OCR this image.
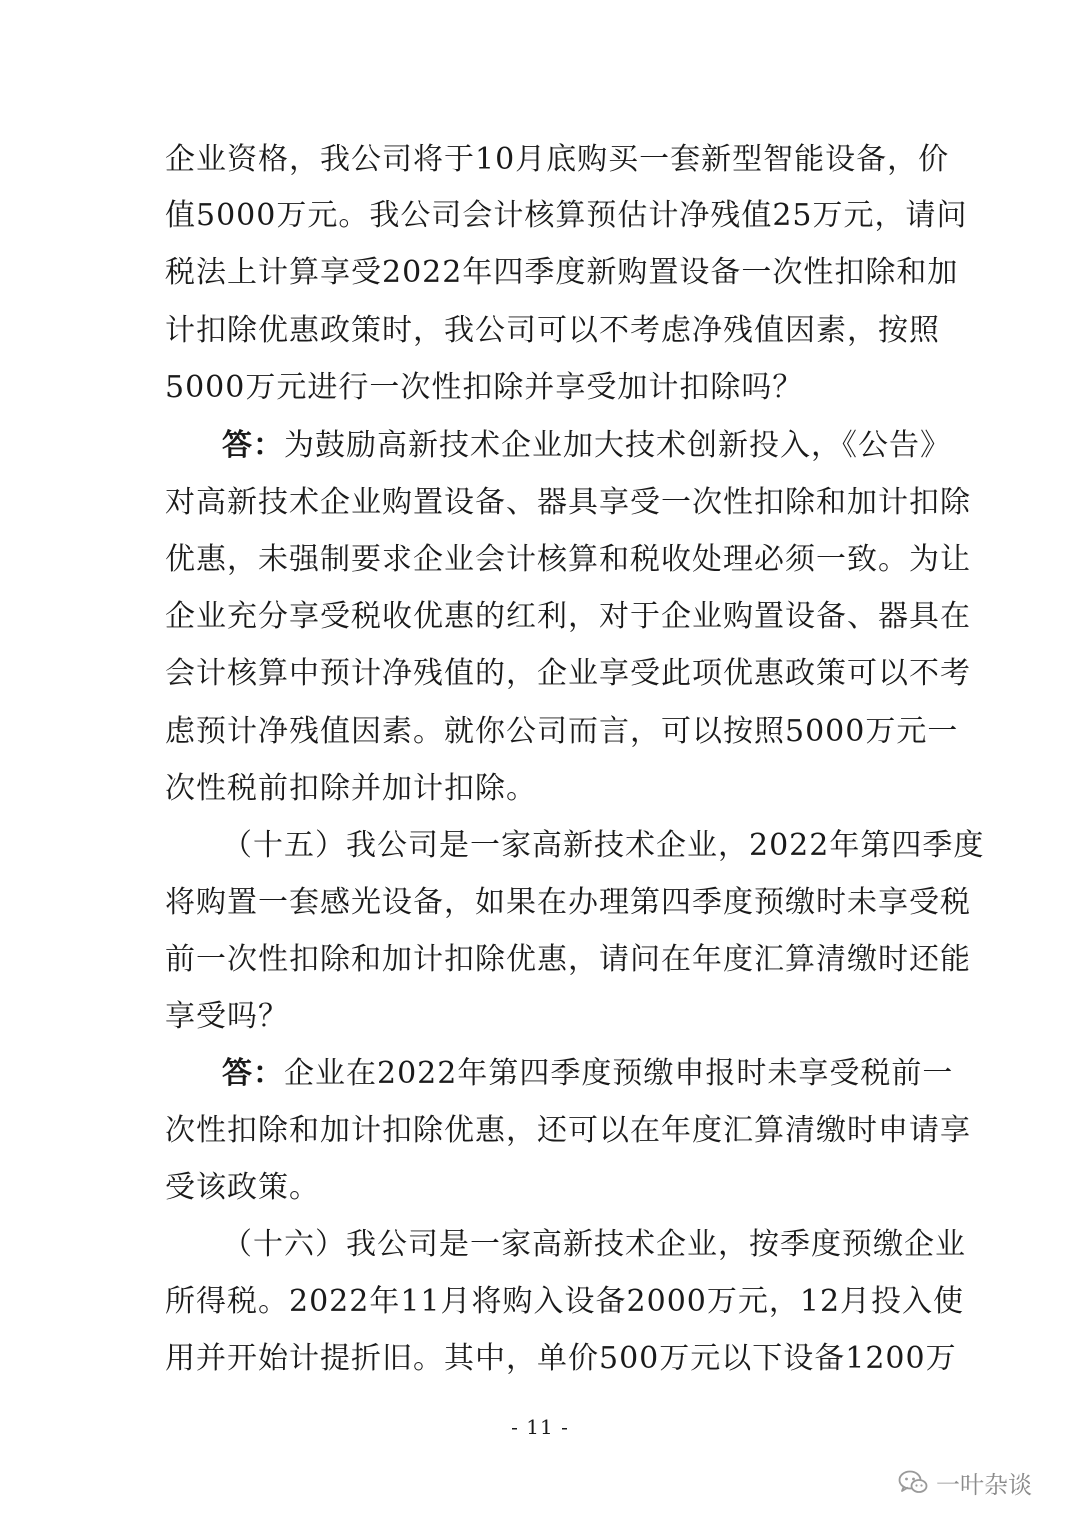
企业资格，我公司将于10月底购买一套新型智能设备，价
值5000万元。我公司会计核算预估计净残值25万元，请问
税法上计算享受2022年四季度新购置设备一次性扣除和加
计扣除优惠政策时，我公司可以不考虑净残值因素，按照
5000万元进行一次性扣除并享受加计扣除吗？
答：为鼓励高新技术企业加大技术创新投入，《公告》
对高新技术企业购置设备、器具享受一次性扣除和加计扣除
优惠，未强制要求企业会计核算和税收处理必须一致。为让
企业充分享受税收优惠的红利，对于企业购置设备、器具在
会计核算中预计净残值的，企业享受此项优惠政策可以不考
虑预计净残值因素。就你公司而言，可以按照5000万元一
次性税前扣除并加计扣除。
（十五）我公司是一家高新技术企业，2022年第四季度
将购置一套感光设备，如果在办理第四季度预缴时未享受税
前一次性扣除和加计扣除优惠，请问在年度汇算清缴时还能
享受吗？
答：企业在2022年第四季度预缴申报时未享受税前一
次性扣除和加计扣除优惠，还可以在年度汇算清缴时申请享
受该政策。
（十六）我公司是一家高新技术企业，按季度预缴企业
所得税。2022年11月将购入设备2000万元，12月投入使
用并开始计提折旧。其中，单价500万元以下设备1200万
- 11 -
一叶杂谈
